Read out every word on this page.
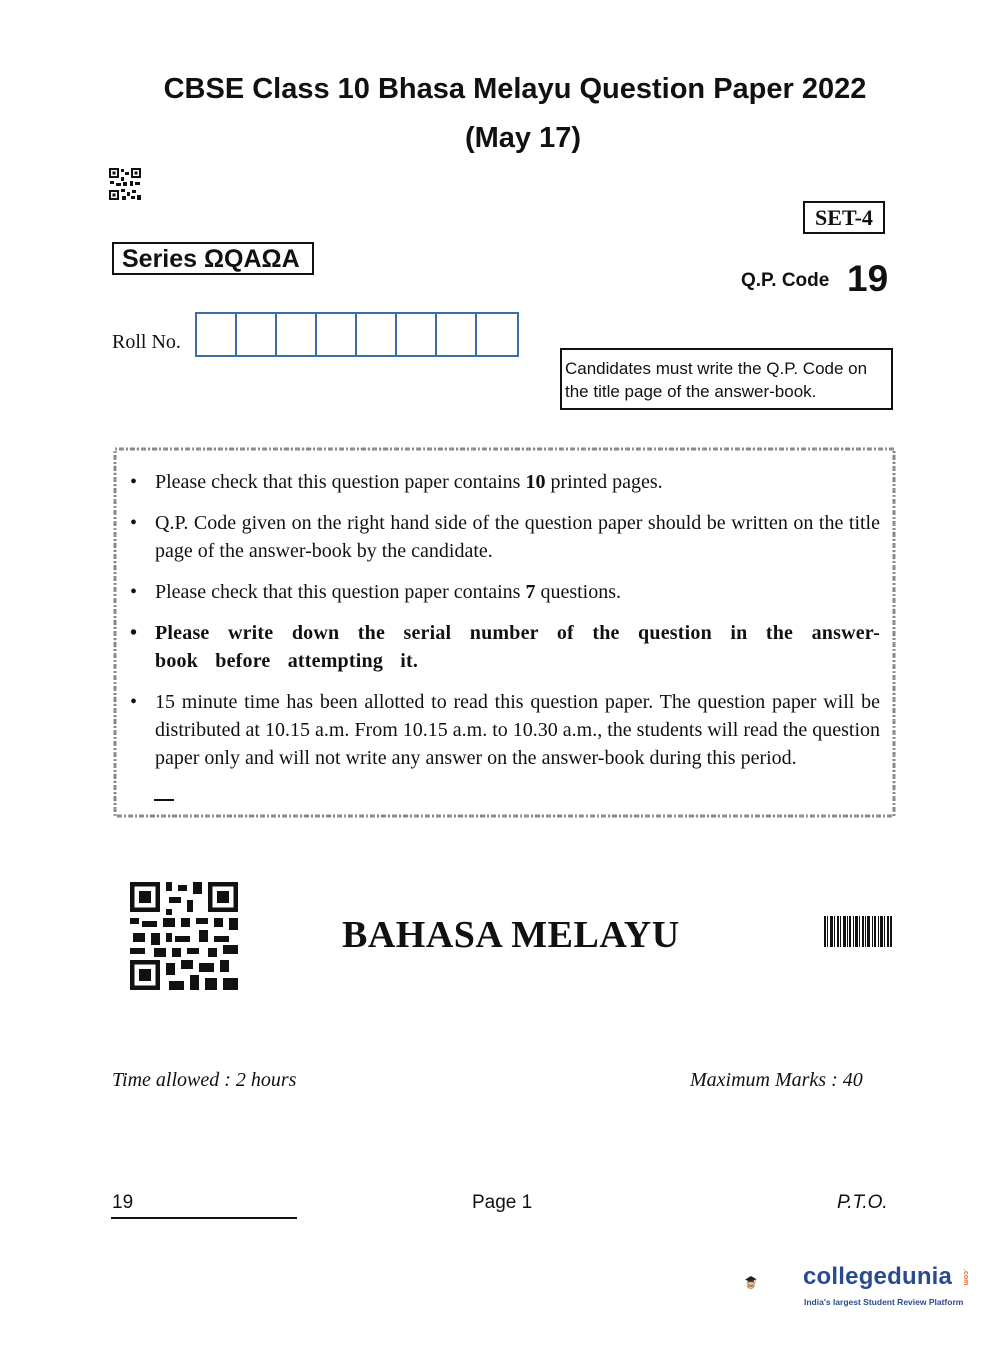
CBSE Class 10 Bhasa Melayu Question Paper 2022
(May 17)
SET-4
Series ΩQAΩA
Q.P. Code 19
Roll No.
Candidates must write the Q.P. Code on the title page of the answer-book.
• Please check that this question paper contains 10 printed pages.
• Q.P. Code given on the right hand side of the question paper should be written on the title page of the answer-book by the candidate.
• Please check that this question paper contains 7 questions.
• Please write down the serial number of the question in the answer-book before attempting it.
• 15 minute time has been allotted to read this question paper. The question paper will be distributed at 10.15 a.m. From 10.15 a.m. to 10.30 a.m., the students will read the question paper only and will not write any answer on the answer-book during this period.
BAHASA MELAYU
Time allowed : 2 hours	Maximum Marks : 40
19	Page 1	P.T.O.
collegedunia .com
India's largest Student Review Platform
